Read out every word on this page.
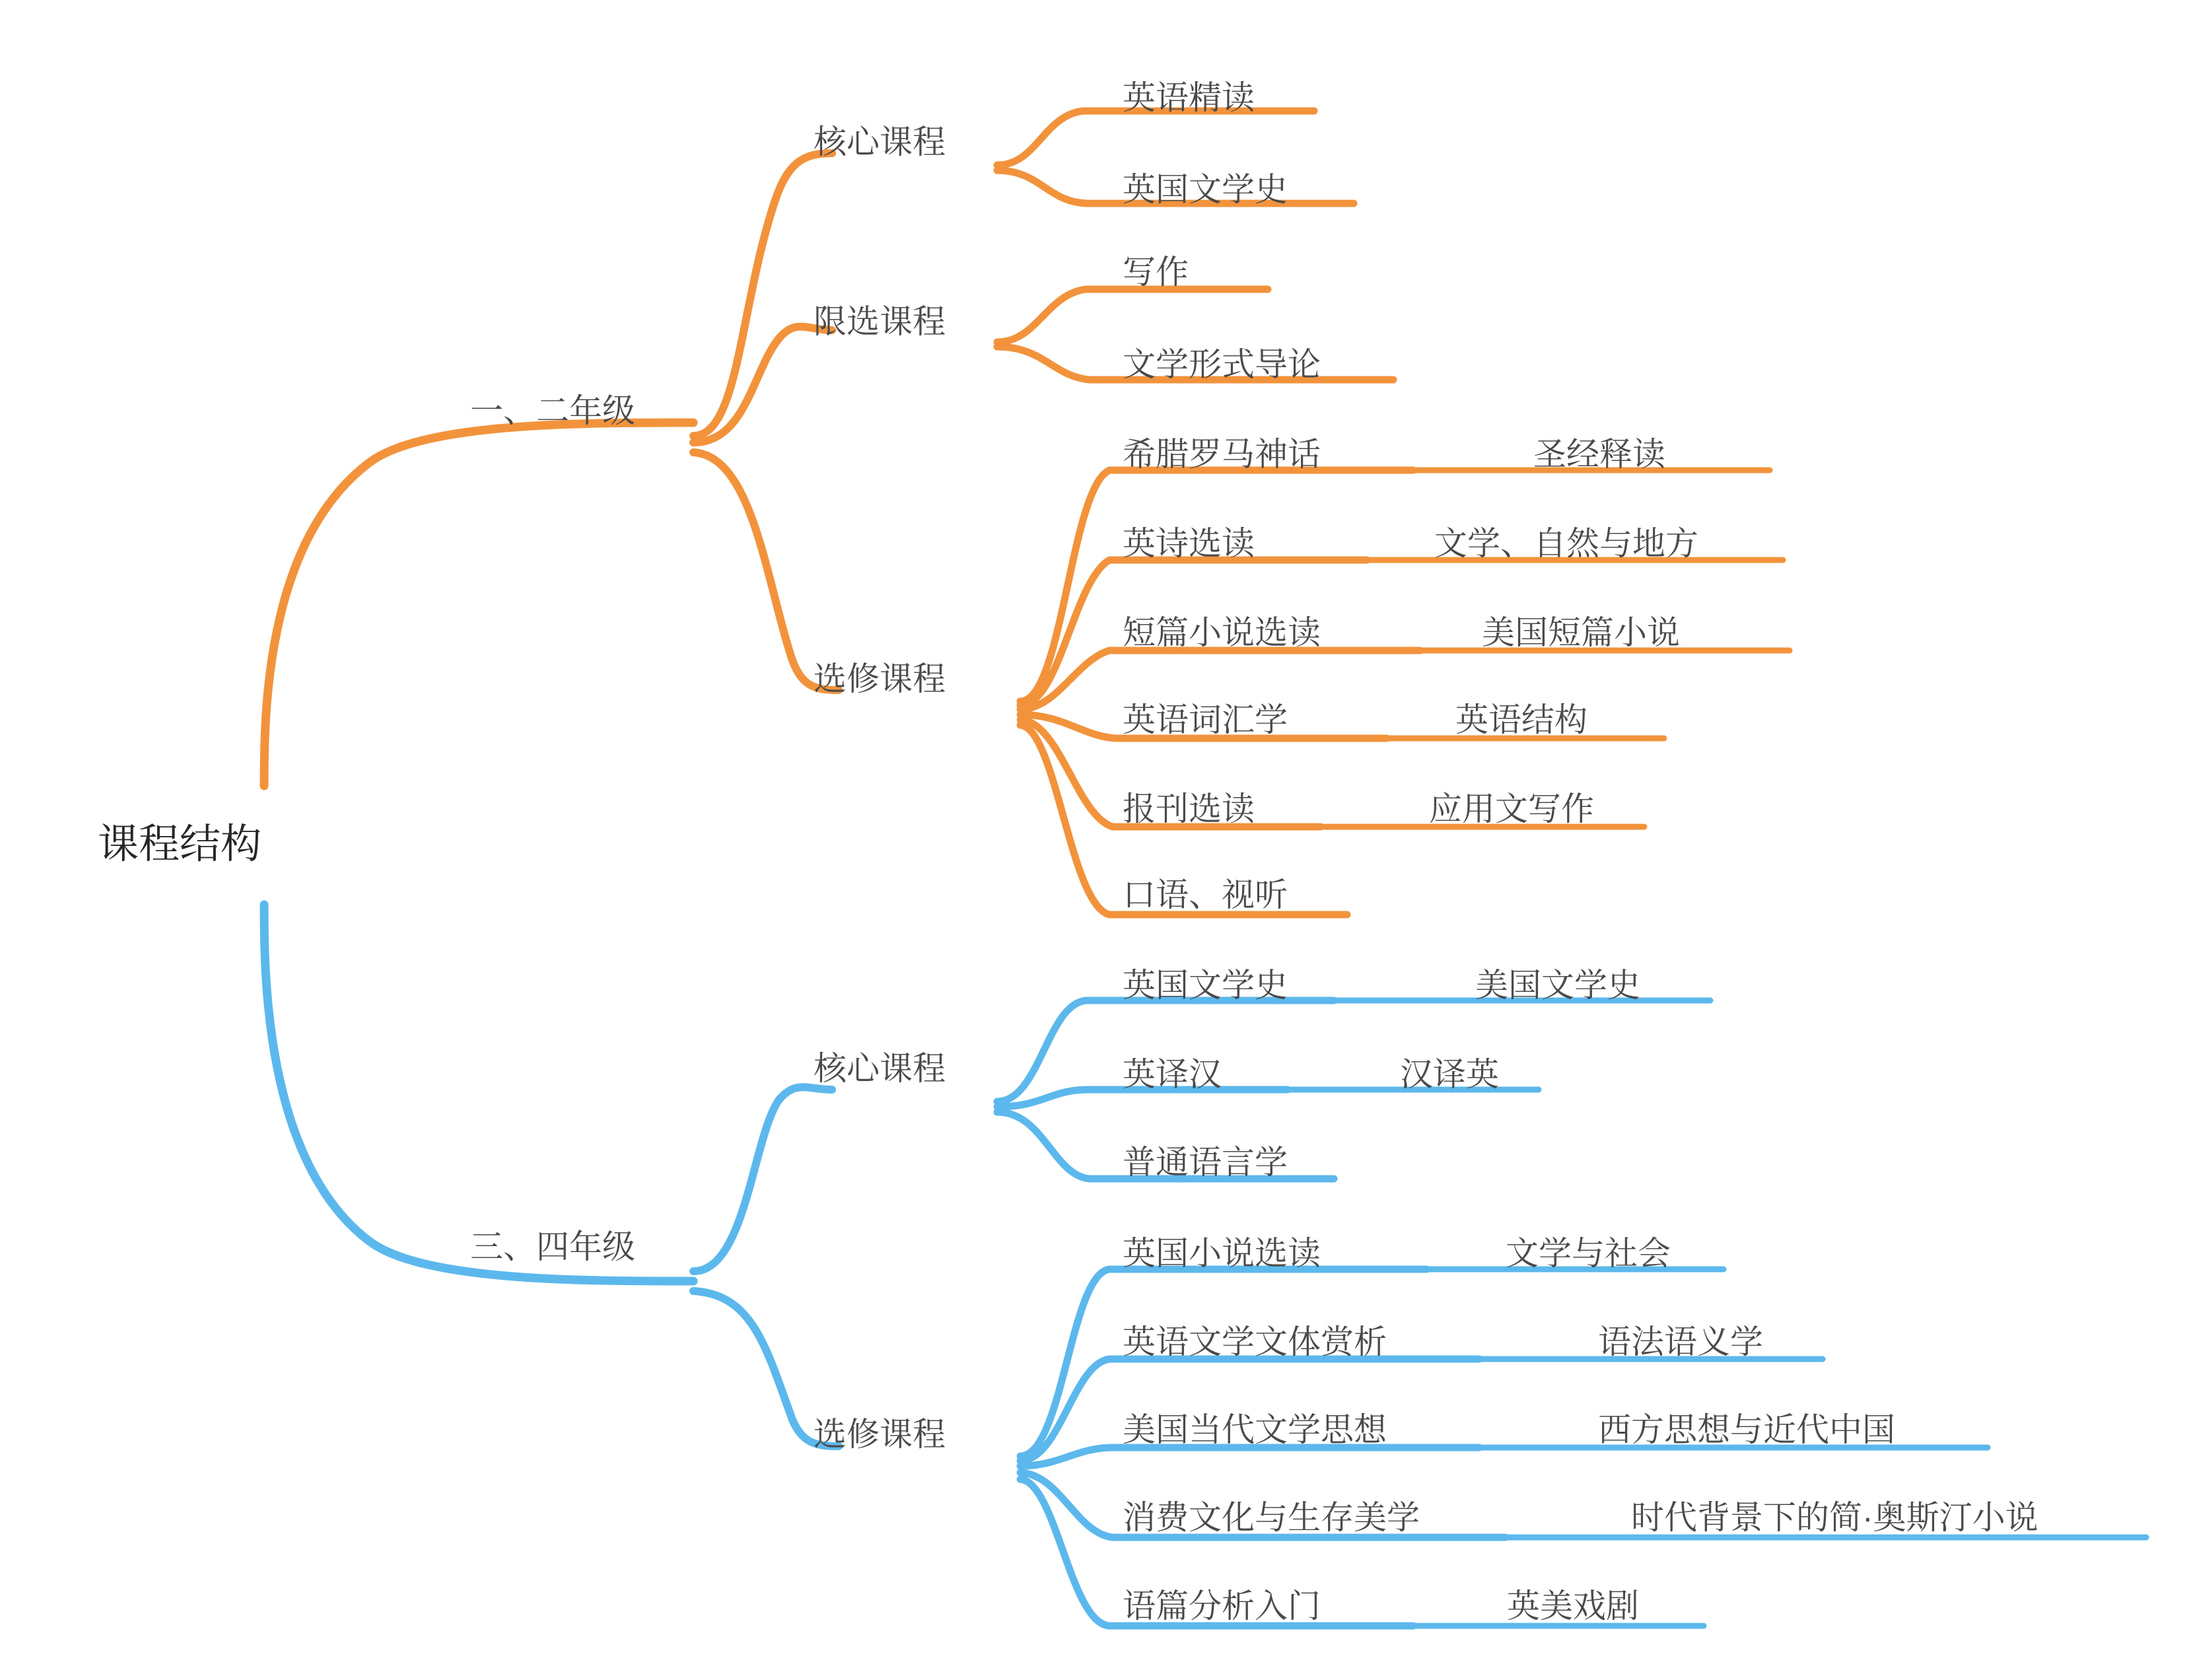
课程结构
一、二年级
核心课程
英语精读
英国文学史
限选课程
写作
文学形式导论
选修课程
希腊罗马神话	圣经释读
英诗选读	文学、自然与地方
短篇小说选读	美国短篇小说
英语词汇学	英语结构
报刊选读	应用文写作
口语、视听
三、四年级
核心课程
英国文学史	美国文学史
英译汉	汉译英
普通语言学
选修课程
英国小说选读	文学与社会
英语文学文体赏析	语法语义学
美国当代文学思想	西方思想与近代中国
消费文化与生存美学	时代背景下的简·奥斯汀小说
语篇分析入门	英美戏剧
